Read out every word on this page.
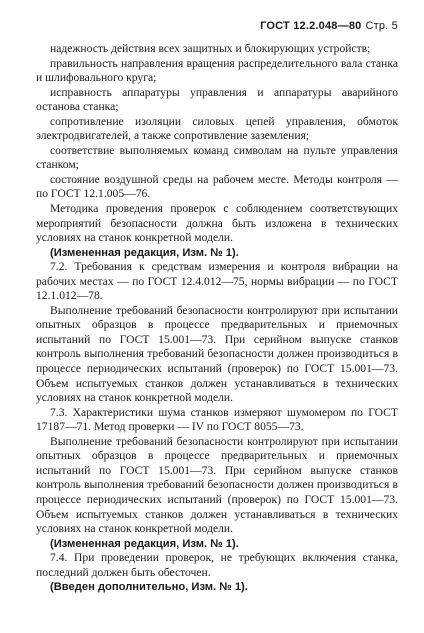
ГОСТ 12.2.048—80 Стр. 5

надежность действия всех защитных и блокирующих устройств;

правильность направления вращения распределительного вала станка и шлифовального круга;

исправность аппаратуры управления и аппаратуры аварийного останова станка;

сопротивление изоляции силовых цепей управления, обмоток электродвигателей, а также сопротивление заземления;

соответствие выполняемых команд символам на пульте управления станком;

состояние воздушной среды на рабочем месте. Методы контроля — по ГОСТ 12.1.005—76.

Методика проведения проверок с соблюдением соответствующих мероприятий безопасности должна быть изложена в технических условиях на станок конкретной модели.

(Измененная редакция, Изм. № 1).

7.2. Требования к средствам измерения и контроля вибрации на рабочих местах — по ГОСТ 12.4.012—75, нормы вибрации — по ГОСТ 12.1.012—78.

Выполнение требований безопасности контролируют при испытании опытных образцов в процессе предварительных и приемочных испытаний по ГОСТ 15.001—73. При серийном выпуске станков контроль выполнения требований безопасности должен производиться в процессе периодических испытаний (проверок) по ГОСТ 15.001—73. Объем испытуемых станков должен устанавливаться в технических условиях на станок конкретной модели.

7.3. Характеристики шума станков измеряют шумомером по ГОСТ 17187—71. Метод проверки — IV по ГОСТ 8055—73.

Выполнение требований безопасности контролируют при испытании опытных образцов в процессе предварительных и приемочных испытаний по ГОСТ 15.001—73. При серийном выпуске станков контроль выполнения требований безопасности должен производиться в процессе периодических испытаний (проверок) по ГОСТ 15.001—73. Объем испытуемых станков должен устанавливаться в технических условиях на станок конкретной модели.

(Измененная редакция, Изм. № 1).

7.4. При проведении проверок, не требующих включения станка, последний должен быть обесточен.

(Введен дополнительно, Изм. № 1).
